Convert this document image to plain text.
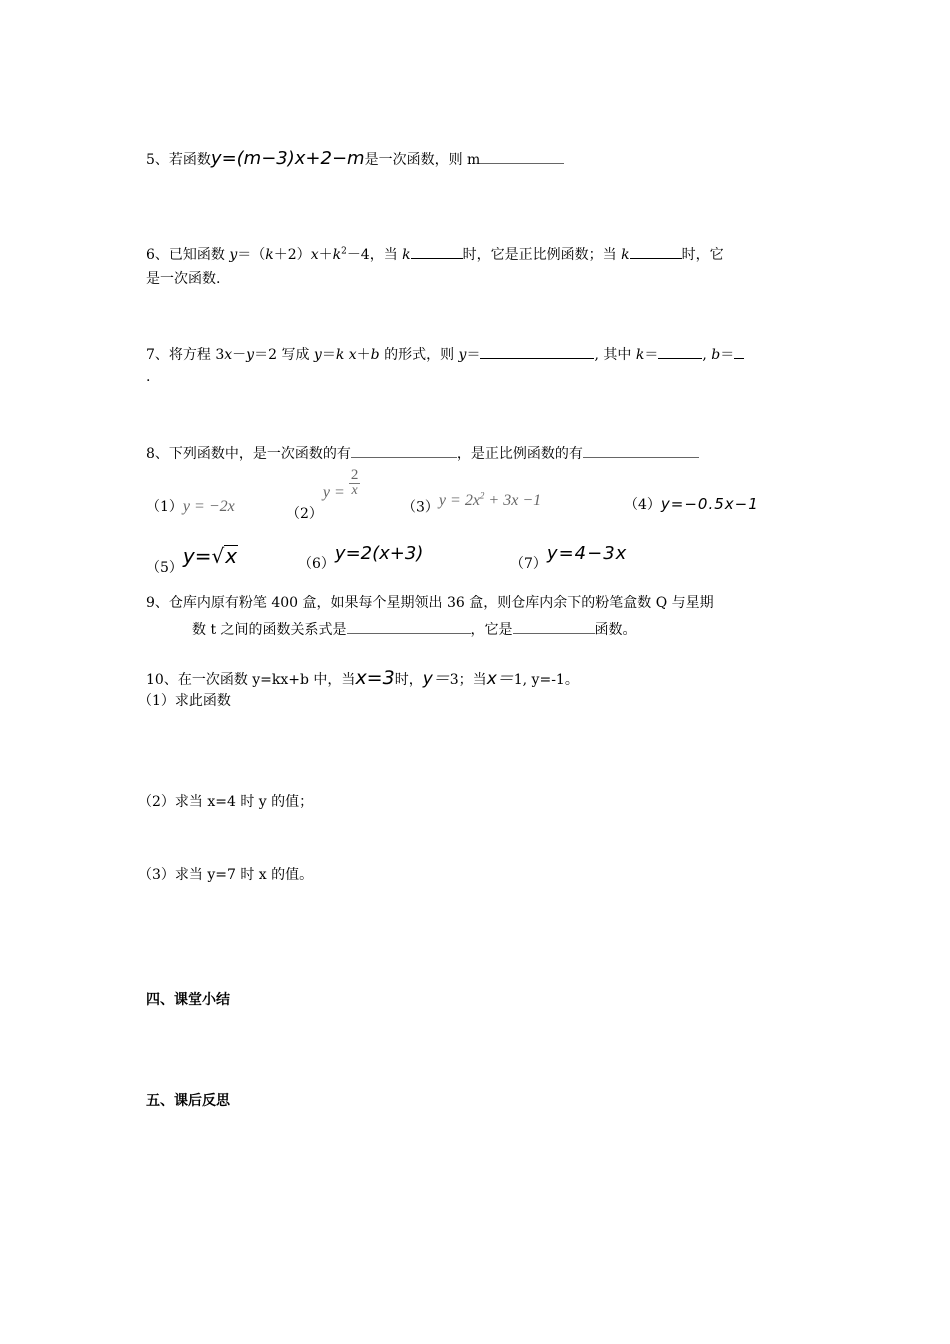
5、若函数y=(m−3)x+2−m是一次函数，则 m
6、已知函数 $y=(k+2)x+k^2-4$，当 k	时，它是正比例函数；当 k	时，它
是一次函数.
7、将方程 3x－y＝2 写成 y＝k x＋b 的形式，则 y＝	, 其中 k＝	, b＝
.
8、下列函数中，是一次函数的有	，是正比例函数的有
（1）y = −2x	$(2)y = \frac{2}{x}$
$(3)y = 2x^2 + 3x -1$	（4）y=−0.5x−1
（5）y=√x	（6）y=2(x+3)	（7）y=4−3x
9、仓库内原有粉笔 400 盒，如果每个星期领出 36 盒，则仓库内余下的粉笔盒数 Q 与星期
数 t 之间的函数关系式是	，它是	函数。
10、在一次函数 y=kx+b 中，当x=3时，y＝3；当x＝1, y=-1。
（1）求此函数
（2）求当 x=4 时 y 的值；
（3）求当 y=7 时 x 的值。
四、课堂小结
五、课后反思
